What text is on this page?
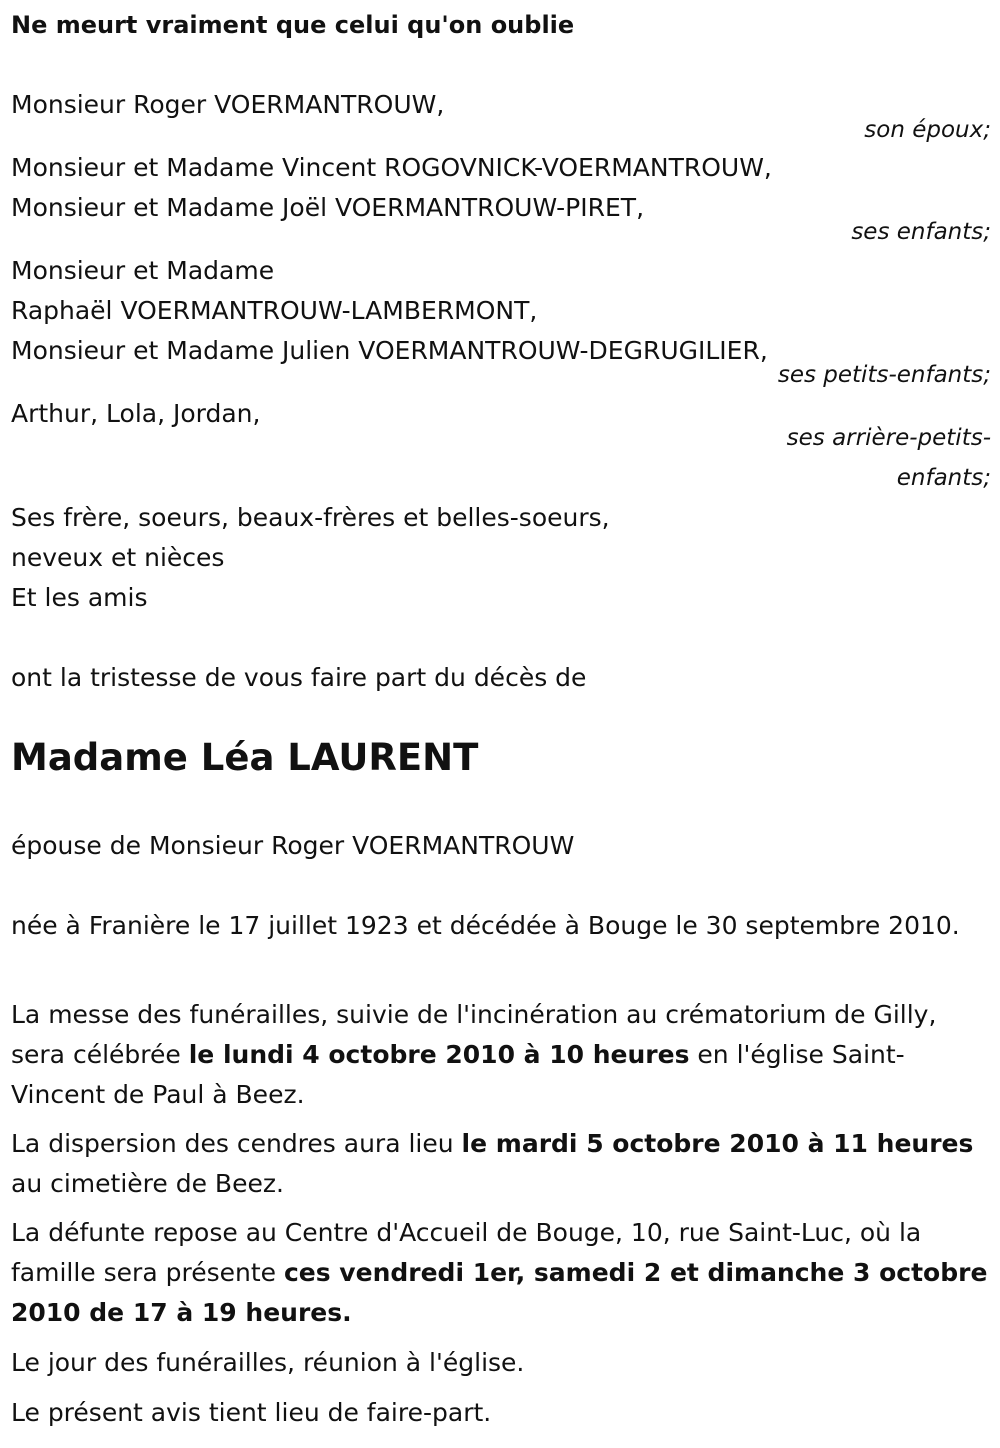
Ne meurt vraiment que celui qu'on oublie
Monsieur Roger VOERMANTROUW,
son époux;
Monsieur et Madame Vincent ROGOVNICK-VOERMANTROUW,
Monsieur et Madame Joël VOERMANTROUW-PIRET,
ses enfants;
Monsieur et Madame
Raphaël VOERMANTROUW-LAMBERMONT,
Monsieur et Madame Julien VOERMANTROUW-DEGRUGILIER,
ses petits-enfants;
Arthur, Lola, Jordan,
ses arrière-petits-
enfants;
Ses frère, soeurs, beaux-frères et belles-soeurs,
neveux et nièces
Et les amis
ont la tristesse de vous faire part du décès de
Madame Léa LAURENT
épouse de Monsieur Roger VOERMANTROUW
née à Franière le 17 juillet 1923 et décédée à Bouge le 30 septembre 2010.
La messe des funérailles, suivie de l'incinération au crématorium de Gilly, sera célébrée le lundi 4 octobre 2010 à 10 heures en l'église Saint-Vincent de Paul à Beez.
La dispersion des cendres aura lieu le mardi 5 octobre 2010 à 11 heures au cimetière de Beez.
La défunte repose au Centre d'Accueil de Bouge, 10, rue Saint-Luc, où la famille sera présente ces vendredi 1er, samedi 2 et dimanche 3 octobre 2010 de 17 à 19 heures.
Le jour des funérailles, réunion à l'église.
Le présent avis tient lieu de faire-part.
